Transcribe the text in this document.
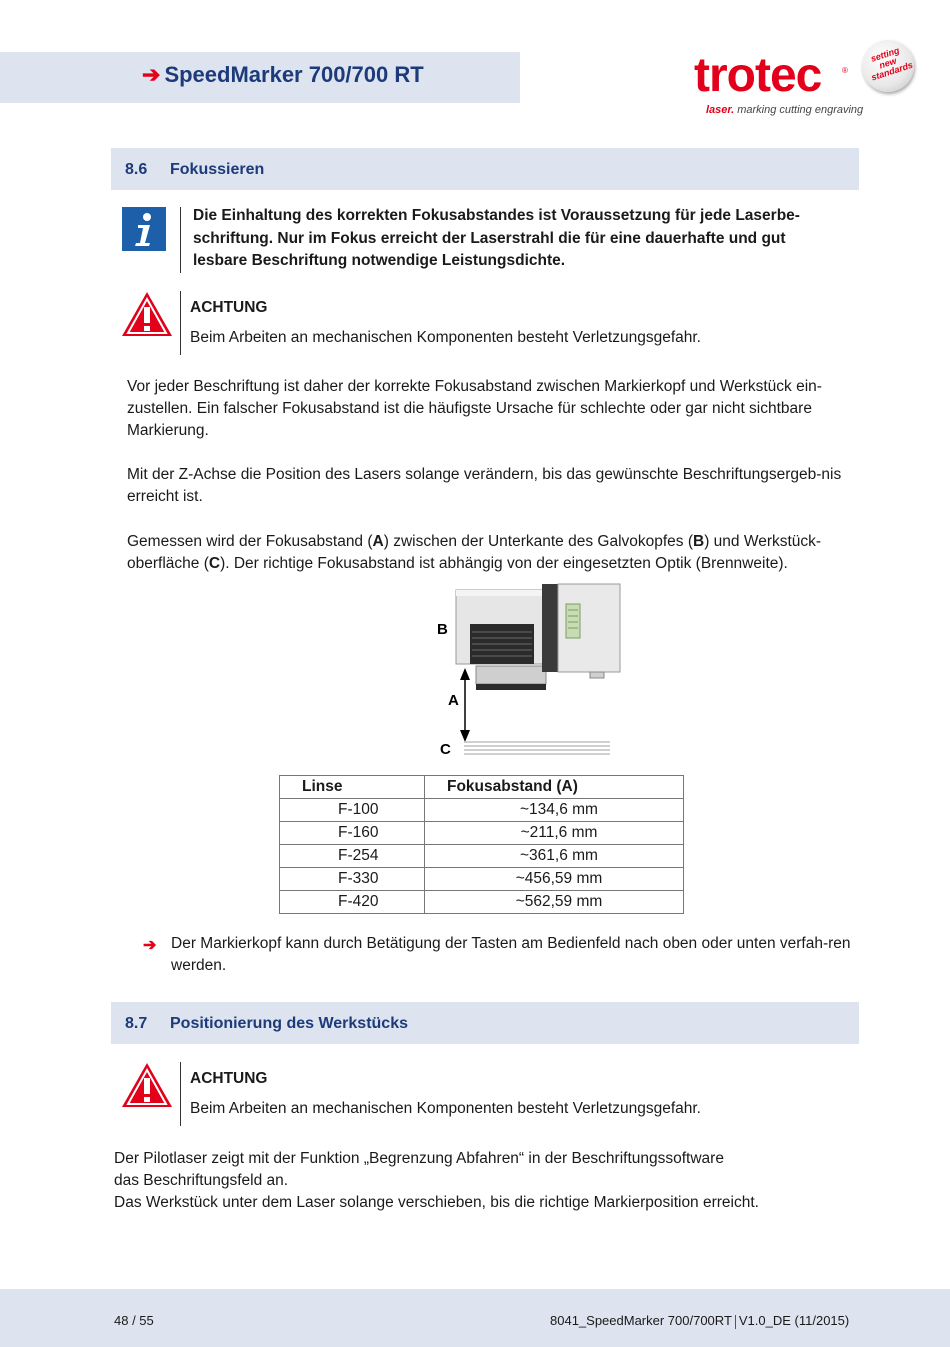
➔ SpeedMarker 700/700 RT	trotec	®
laser. marking cutting engraving
setting new standards
8.6 Fokussieren
Die Einhaltung des korrekten Fokusabstandes ist Voraussetzung für jede Laserbe-schriftung. Nur im Fokus erreicht der Laserstrahl die für eine dauerhafte und gut lesbare Beschriftung notwendige Leistungsdichte.
ACHTUNG
Beim Arbeiten an mechanischen Komponenten besteht Verletzungsgefahr.
Vor jeder Beschriftung ist daher der korrekte Fokusabstand zwischen Markierkopf und Werkstück ein-zustellen. Ein falscher Fokusabstand ist die häufigste Ursache für schlechte oder gar nicht sichtbare Markierung.
Mit der Z-Achse die Position des Lasers solange verändern, bis das gewünschte Beschriftungsergeb-nis erreicht ist.
Gemessen wird der Fokusabstand (A) zwischen der Unterkante des Galvokopfes (B) und Werkstück-oberfläche (C). Der richtige Fokusabstand ist abhängig von der eingesetzten Optik (Brennweite).
B
A
C
Linse	Fokusabstand (A)
F-100	~134,6 mm
F-160	~211,6 mm
F-254	~361,6 mm
F-330	~456,59 mm
F-420	~562,59 mm
➔ Der Markierkopf kann durch Betätigung der Tasten am Bedienfeld nach oben oder unten verfah-ren werden.
8.7 Positionierung des Werkstücks
ACHTUNG
Beim Arbeiten an mechanischen Komponenten besteht Verletzungsgefahr.
Der Pilotlaser zeigt mit der Funktion „Begrenzung Abfahren“ in der Beschriftungssoftware
das Beschriftungsfeld an.
Das Werkstück unter dem Laser solange verschieben, bis die richtige Markierposition erreicht.
48 / 55	8041_SpeedMarker 700/700RT V1.0_DE (11/2015)
